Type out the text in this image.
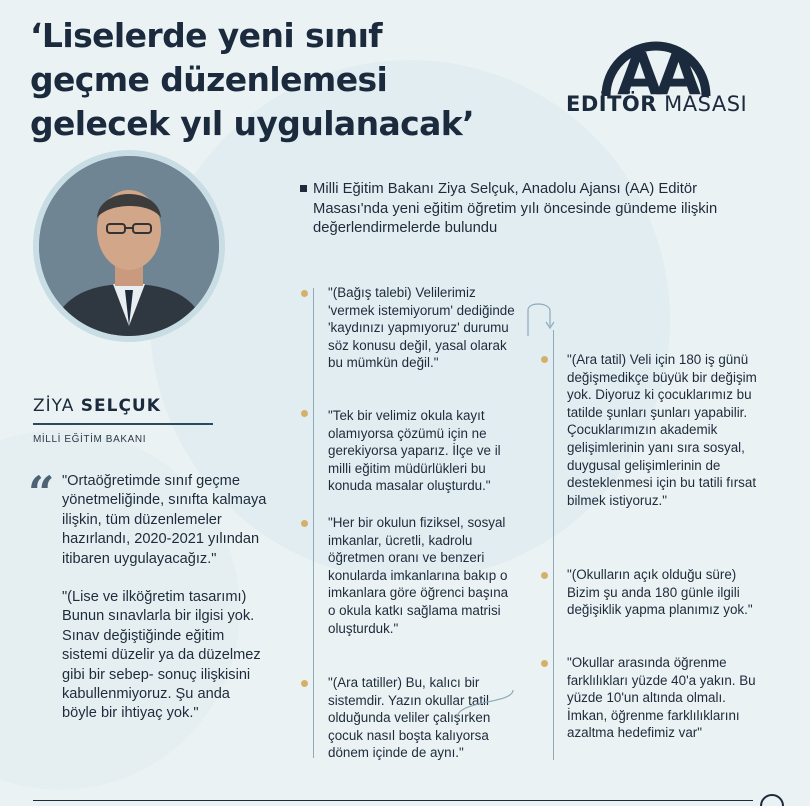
‘Liselerde yeni sınıf geçme düzenlemesi gelecek yıl uygulanacak’
AA
EDİTÖR MASASI
ZİYA SELÇUK
MİLLİ EĞİTİM BAKANI
“ "Ortaöğretimde sınıf geçme yönetmeliğinde, sınıfta kalmaya ilişkin, tüm düzenlemeler hazırlandı, 2020-2021 yılından itibaren uygulayacağız."

"(Lise ve ilköğretim tasarımı) Bunun sınavlarla bir ilgisi yok. Sınav değiştiğinde eğitim sistemi düzelir ya da düzelmez gibi bir sebep- sonuç ilişkisini kabullenmiyoruz. Şu anda böyle bir ihtiyaç yok."

Milli Eğitim Bakanı Ziya Selçuk, Anadolu Ajansı (AA) Editör Masası'nda yeni eğitim öğretim yılı öncesinde gündeme ilişkin değerlendirmelerde bulundu
"(Bağış talebi) Velilerimiz 'vermek istemiyorum' dediğinde 'kaydınızı yapmıyoruz' durumu söz konusu değil, yasal olarak bu mümkün değil."
"Tek bir velimiz okula kayıt olamıyorsa çözümü için ne gerekiyorsa yaparız. İlçe ve il milli eğitim müdürlükleri bu konuda masalar oluşturdu."
"Her bir okulun fiziksel, sosyal imkanlar, ücretli, kadrolu öğretmen oranı ve benzeri konularda imkanlarına bakıp o imkanlara göre öğrenci başına o okula katkı sağlama matrisi oluşturduk."
"(Ara tatiller) Bu, kalıcı bir sistemdir. Yazın okullar tatil olduğunda veliler çalışırken çocuk nasıl boşta kalıyorsa dönem içinde de aynı."
"(Ara tatil) Veli için 180 iş günü değişmedikçe büyük bir değişim yok. Diyoruz ki çocuklarımız bu tatilde şunları şunları yapabilir. Çocuklarımızın akademik gelişimlerinin yanı sıra sosyal, duygusal gelişimlerinin de desteklenmesi için bu tatili fırsat bilmek istiyoruz."
"(Okulların açık olduğu süre) Bizim şu anda 180 günle ilgili değişiklik yapma planımız yok."
"Okullar arasında öğrenme farklılıkları yüzde 40'a yakın. Bu yüzde 10'un altında olmalı. İmkan, öğrenme farklılıklarını azaltma hedefimiz var"
